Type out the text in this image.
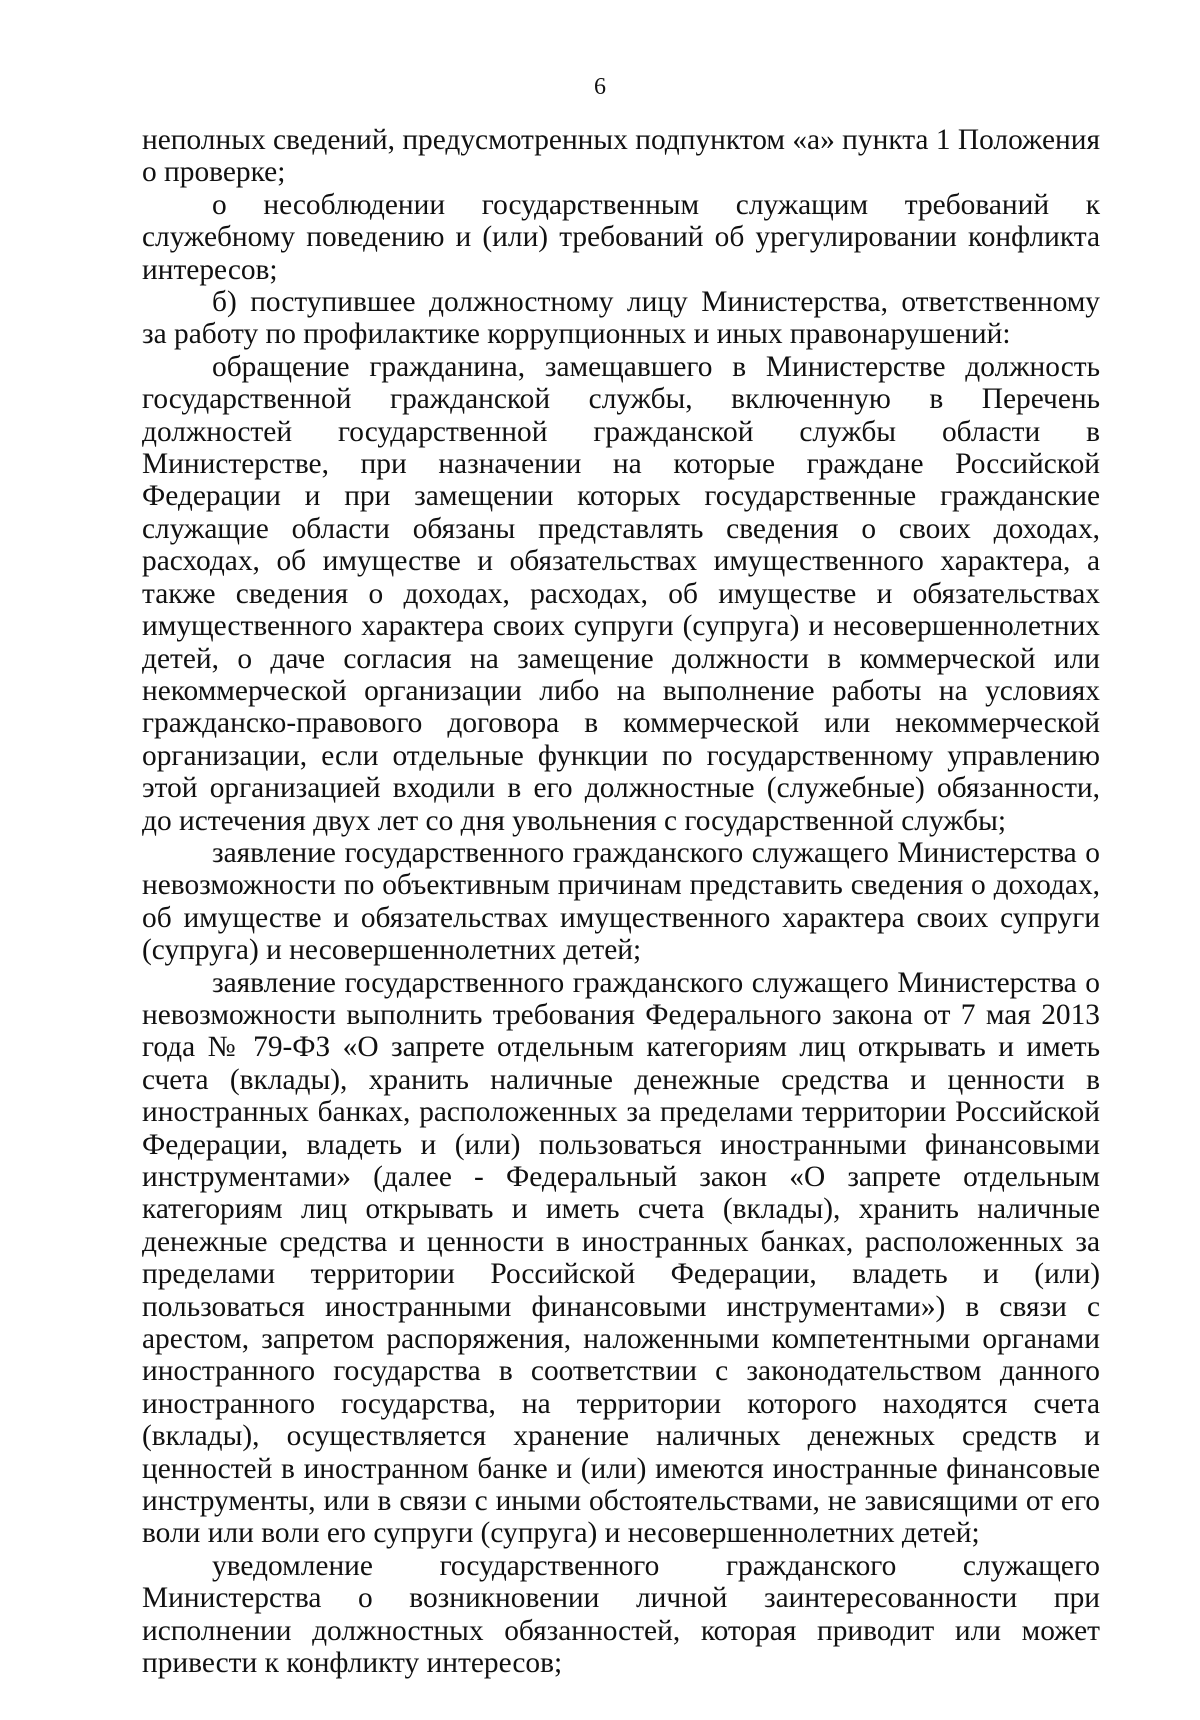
6

неполных сведений, предусмотренных подпунктом «а» пункта 1 Положения о проверке;

о несоблюдении государственным служащим требований к служебному поведению и (или) требований об урегулировании конфликта интересов;

б) поступившее должностному лицу Министерства, ответственному за работу по профилактике коррупционных и иных правонарушений:

обращение гражданина, замещавшего в Министерстве должность государственной гражданской службы, включенную в Перечень должностей государственной гражданской службы области в Министерстве, при назначении на которые граждане Российской Федерации и при замещении которых государственные гражданские служащие области обязаны представлять сведения о своих доходах, расходах, об имуществе и обязательствах имущественного характера, а также сведения о доходах, расходах, об имуществе и обязательствах имущественного характера своих супруги (супруга) и несовершеннолетних детей, о даче согласия на замещение должности в коммерческой или некоммерческой организации либо на выполнение работы на условиях гражданско-правового договора в коммерческой или некоммерческой организации, если отдельные функции по государственному управлению этой организацией входили в его должностные (служебные) обязанности, до истечения двух лет со дня увольнения с государственной службы;

заявление государственного гражданского служащего Министерства о невозможности по объективным причинам представить сведения о доходах, об имуществе и обязательствах имущественного характера своих супруги (супруга) и несовершеннолетних детей;

заявление государственного гражданского служащего Министерства о невозможности выполнить требования Федерального закона от 7 мая 2013 года № 79-ФЗ «О запрете отдельным категориям лиц открывать и иметь счета (вклады), хранить наличные денежные средства и ценности в иностранных банках, расположенных за пределами территории Российской Федерации, владеть и (или) пользоваться иностранными финансовыми инструментами» (далее - Федеральный закон «О запрете отдельным категориям лиц открывать и иметь счета (вклады), хранить наличные денежные средства и ценности в иностранных банках, расположенных за пределами территории Российской Федерации, владеть и (или) пользоваться иностранными финансовыми инструментами») в связи с арестом, запретом распоряжения, наложенными компетентными органами иностранного государства в соответствии с законодательством данного иностранного государства, на территории которого находятся счета (вклады), осуществляется хранение наличных денежных средств и ценностей в иностранном банке и (или) имеются иностранные финансовые инструменты, или в связи с иными обстоятельствами, не зависящими от его воли или воли его супруги (супруга) и несовершеннолетних детей;

уведомление государственного гражданского служащего Министерства о возникновении личной заинтересованности при исполнении должностных обязанностей, которая приводит или может привести к конфликту интересов;
